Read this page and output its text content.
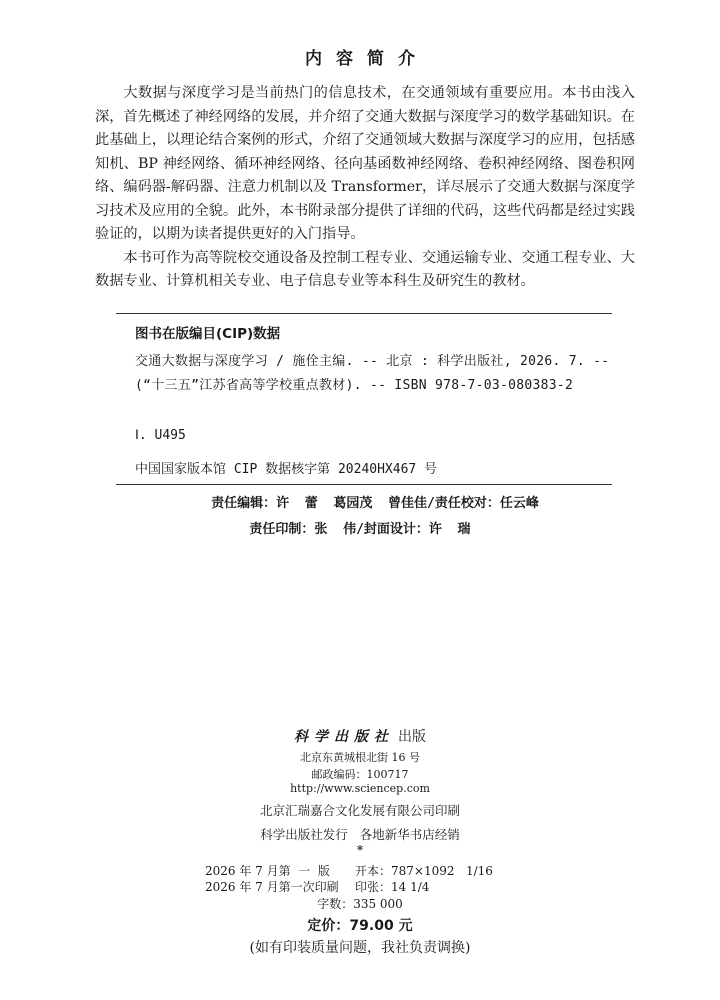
内容简介

大数据与深度学习是当前热门的信息技术，在交通领域有重要应用。本书由浅入深，首先概述了神经网络的发展，并介绍了交通大数据与深度学习的数学基础知识。在此基础上，以理论结合案例的形式，介绍了交通领域大数据与深度学习的应用，包括感知机、BP 神经网络、循环神经网络、径向基函数神经网络、卷积神经网络、图卷积网络、编码器-解码器、注意力机制以及 Transformer，详尽展示了交通大数据与深度学习技术及应用的全貌。此外，本书附录部分提供了详细的代码，这些代码都是经过实践验证的，以期为读者提供更好的入门指导。

本书可作为高等院校交通设备及控制工程专业、交通运输专业、交通工程专业、大数据专业、计算机相关专业、电子信息专业等本科生及研究生的教材。

图书在版编目(CIP)数据
交通大数据与深度学习 / 施佺主编. -- 北京 : 科学出版社, 2026. 7. -- (“十三五”江苏省高等学校重点教材). -- ISBN 978-7-03-080383-2
Ⅰ. U495
中国国家版本馆 CIP 数据核字第 20240HX467 号
责任编辑：许  蕾  葛园茂  曾佳佳/责任校对：任云峰
责任印制：张  伟/封面设计：许  瑞
科学出版社 出版
北京东黄城根北街 16 号
邮政编码：100717
http://www.sciencep.com
北京汇瑞嘉合文化发展有限公司印刷
科学出版社发行   各地新华书店经销
*
2026 年 7 月第  一  版 开本：787×1092   1/16
2026 年 7 月第一次印刷 印张：14 1/4
字数：335 000
定价：79.00 元
(如有印装质量问题，我社负责调换)
